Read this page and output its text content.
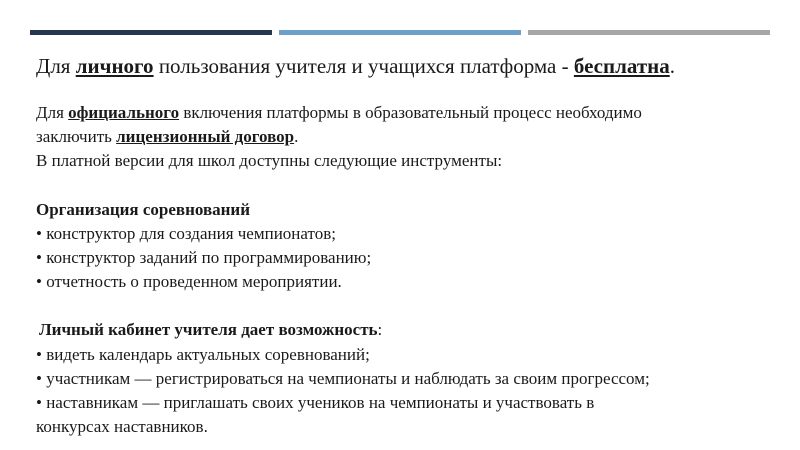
Для личного пользования учителя и учащихся платформа - бесплатна.
Для официального включения платформы в образовательный процесс необходимо
заключить лицензионный договор.
В платной версии для школ доступны следующие инструменты:
Организация соревнований
• конструктор для создания чемпионатов;
• конструктор заданий по программированию;
• отчетность о проведенном мероприятии.
Личный кабинет учителя дает возможность:
• видеть календарь актуальных соревнований;
• участникам — регистрироваться на чемпионаты и наблюдать за своим прогрессом;
• наставникам — приглашать своих учеников на чемпионаты и участвовать в
конкурсах наставников.
